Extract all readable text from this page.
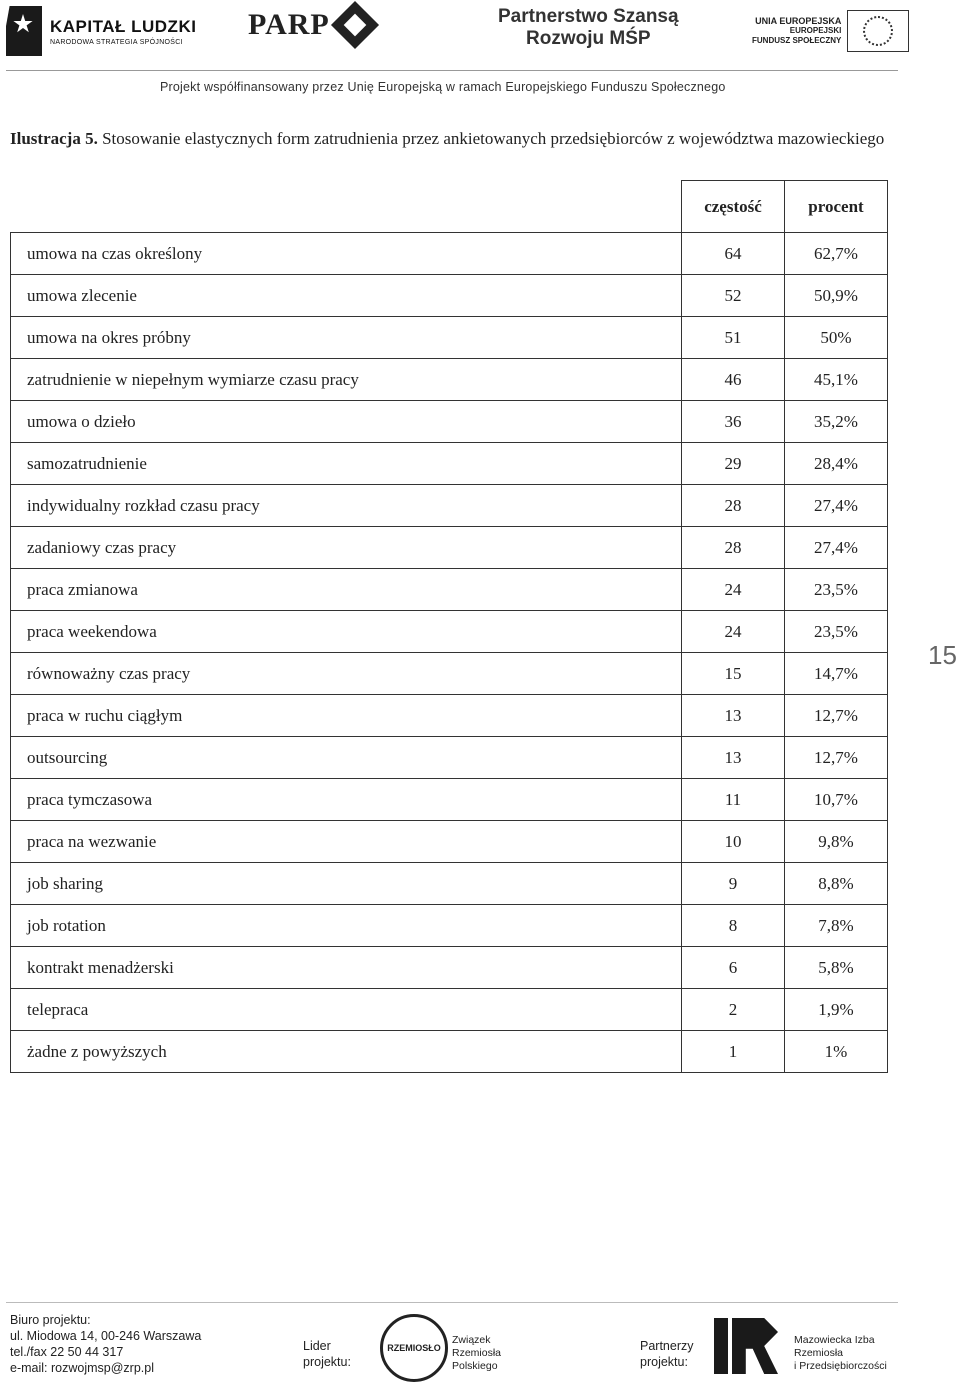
KAPITAŁ LUDZKI
NARODOWA STRATEGIA SPÓJNOŚCI
PARP	Partnerstwo Szansą
Rozwoju MŚP
UNIA EUROPEJSKA
EUROPEJSKI
FUNDUSZ SPOŁECZNY
Projekt współfinansowany przez Unię Europejską w ramach Europejskiego Funduszu Społecznego
Ilustracja 5. Stosowanie elastycznych form zatrudnienia przez ankietowanych przedsiębiorców z województwa mazowieckiego
	częstość	procent
umowa na czas określony	64	62,7%
umowa zlecenie	52	50,9%
umowa na okres próbny	51	50%
zatrudnienie w niepełnym wymiarze czasu pracy	46	45,1%
umowa o dzieło	36	35,2%
samozatrudnienie	29	28,4%
indywidualny rozkład czasu pracy	28	27,4%
zadaniowy czas pracy	28	27,4%
praca zmianowa	24	23,5%
praca weekendowa	24	23,5%
równoważny czas pracy	15	14,7%
praca w ruchu ciągłym	13	12,7%
outsourcing	13	12,7%
praca tymczasowa	11	10,7%
praca na wezwanie	10	9,8%
job sharing	9	8,8%
job rotation	8	7,8%
kontrakt menadżerski	6	5,8%
telepraca	2	1,9%
żadne z powyższych	1	1%
15
Biuro projektu:
ul. Miodowa 14, 00-246 Warszawa
tel./fax 22 50 44 317
e-mail: rozwojmsp@zrp.pl
Lider
projektu:
RZEMIOSŁO
Związek
Rzemiosła
Polskiego
Partnerzy
projektu:
Mazowiecka Izba
Rzemiosła
i Przedsiębiorczości
